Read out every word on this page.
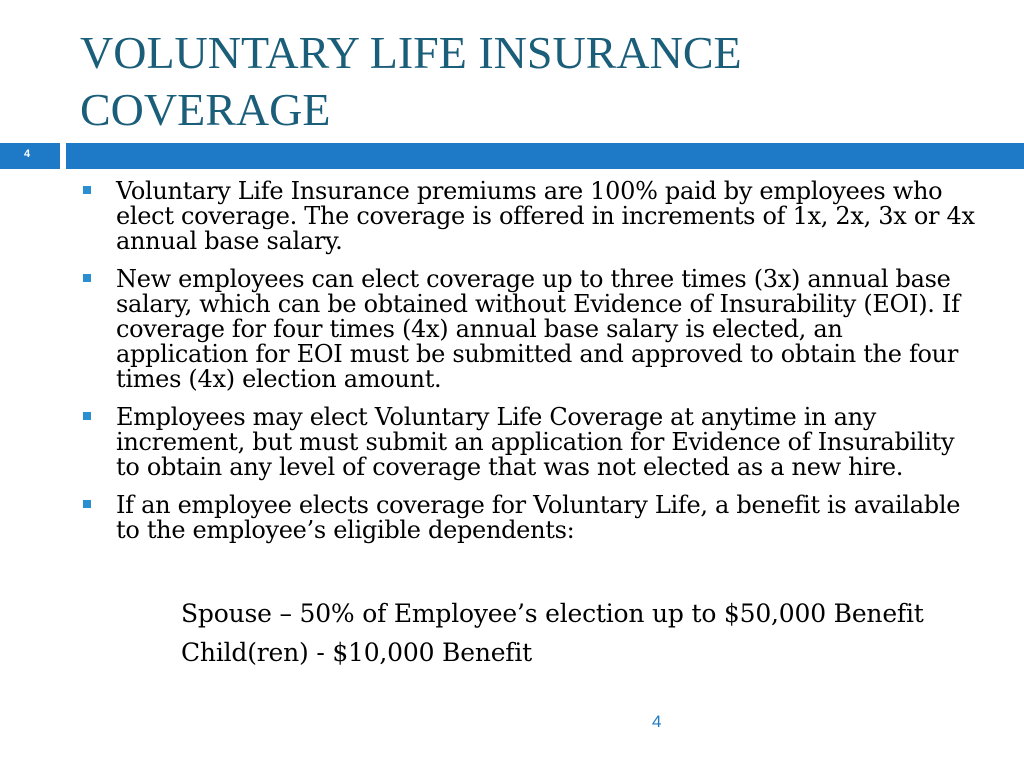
VOLUNTARY LIFE INSURANCE
COVERAGE
4
Voluntary Life Insurance premiums are 100% paid by employees who elect coverage. The coverage is offered in increments of 1x, 2x, 3x or 4x annual base salary.
New employees can elect coverage up to three times (3x) annual base salary, which can be obtained without Evidence of Insurability (EOI). If coverage for four times (4x) annual base salary is elected, an application for EOI must be submitted and approved to obtain the four times (4x) election amount.
Employees may elect Voluntary Life Coverage at anytime in any increment, but must submit an application for Evidence of Insurability to obtain any level of coverage that was not elected as a new hire.
If an employee elects coverage for Voluntary Life, a benefit is available to the employee’s eligible dependents:
Spouse – 50% of Employee’s election up to $50,000 Benefit
Child(ren) - $10,000 Benefit
4
